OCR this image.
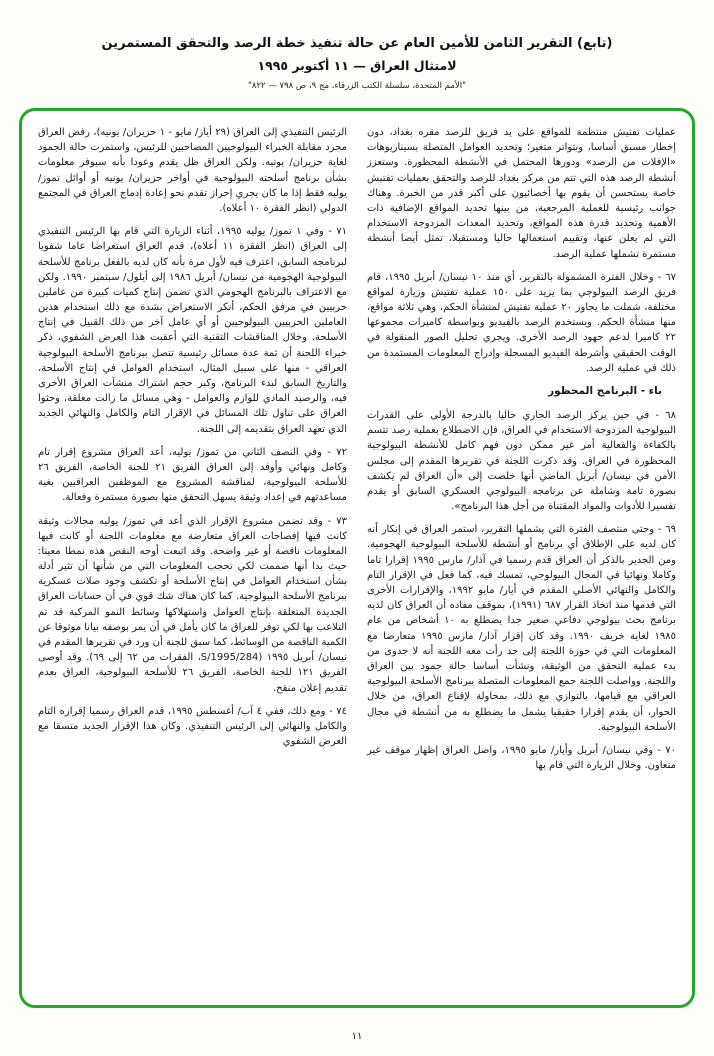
(تابع) التقرير الثامن للأمين العام عن حالة تنفيذ خطة الرصد والتحقق المستمرين
لامتثال العراق — ١١ أكتوبر ١٩٩٥
"الأمم المتحدة، سلسلة الكتب الزرقاء، مج ٩، ص ٧٩٨ — ٨٢٢"

عمليات تفتيش منتظمة للمواقع على يد فريق للرصد مقره بغداد، دون إخطار مسبق أساسا، وبتواتر متغير؛ وتحديد العوامل المتصلة بسيناريوهات «الإفلات من الرصد» ودورها المحتمل في الأنشطة المحظورة. وستعزز أنشطة الرصد هذه التي تتم من مركز بغداد للرصد والتحقق بعمليات تفتيش خاصة يستحسن أن يقوم بها أخصائيون على أكبر قدر من الخبرة. وهناك جوانب رئيسية للعملية المرجعية، من بينها تحديد المواقع الإضافية ذات الأهمية وتحديد قدرة هذه المواقع، وتحديد المعدات المزدوجة الاستخدام التي لم يعلن عنها، وتقييم استعمالها حاليا ومستقبلا، تمثل أيضا أنشطة مستمرة تشملها عملية الرصد.

٦٧ - وخلال الفترة المشمولة بالتقرير، أي منذ ١٠ نيسان/ أبريل ١٩٩٥، قام فريق الرصد البيولوجي بما يزيد على ١٥٠ عملية تفتيش وزيارة لمواقع مختلفة، شملت ما يجاوز ٢٠ عملية تفتيش لمنشأة الحكم، وهي ثلاثة مواقع، منها منشأة الحكم. ويستخدم الرصد بالفيديو وبواسطة كاميرات مجموعها ٢٢ كاميرا لدعم جهود الرصد الأخرى. ويجري تحليل الصور المنقولة في الوقت الحقيقي وأشرطة الفيديو المسجلة وإدراج المعلومات المستمدة من ذلك في عملية الرصد.

باء - البرنامج المحظور

٦٨ - في حين يركز الرصد الجاري حاليا بالدرجة الأولى على القدرات البيولوجية المزدوجة الاستخدام في العراق، فإن الاضطلاع بعملية رصد تتسم بالكفاءة والفعالية أمر غير ممكن دون فهم كامل للأنشطة البيولوجية المحظورة في العراق. وقد ذكرت اللجنة في تقريرها المقدم إلى مجلس الأمن في نيسان/ أبريل الماضي أنها خلصت إلى «أن العراق لم يكشف بصورة تامة وشاملة عن برنامجه البيولوجي العسكري السابق أو يقدم تفسيرا للأدوات والمواد المقتناة من أجل هذا البرنامج».

٦٩ - وحتى منتصف الفترة التي يشملها التقرير، استمر العراق في إنكار أنه كان لديه على الإطلاق أي برنامج أو أنشطة للأسلحة البيولوجية الهجومية. ومن الجدير بالذكر أن العراق قدم رسميا في آذار/ مارس ١٩٩٥ إقرارا تاما وكاملا ونهائيا في المجال البيولوجي، تمسك فيه، كما فعل في الإقرار التام والكامل والنهائي الأصلي المقدم في أيار/ مايو ١٩٩٢، والإقرارات الأخرى التي قدمها منذ اتخاذ القرار ٦٨٧ (١٩٩١)، بموقف مفاده أن العراق كان لديه برنامج بحث بيولوجي دفاعي صغير جدا يضطلع به ١٠ أشخاص من عام ١٩٨٥ لغاية خريف ١٩٩٠. وقد كان إقرار آذار/ مارس ١٩٩٥ متعارضا مع المعلومات التي في حوزة اللجنة إلى حد رأت معه اللجنة أنه لا جدوى من بدء عملية التحقق من الوثيقة، ونشأت أساسا حالة جمود بين العراق واللجنة. وواصلت اللجنة جمع المعلومات المتصلة ببرنامج الأسلحة البيولوجية العراقي مع قيامها، بالتوازي مع ذلك، بمحاولة لإقناع العراق، من خلال الحوار، أن يقدم إقرارا حقيقيا يشمل ما يضطلع به من أنشطة في مجال الأسلحة البيولوجية.

٧٠ - وفي نيسان/ أبريل وأيار/ مايو ١٩٩٥، واصل العراق إظهار موقف غير متعاون. وخلال الزيارة التي قام بها

الرئيس التنفيذي إلى العراق (٢٩ أيار/ مايو - ١ حزيران/ يونيه)، رفض العراق مجرد مقابلة الخبراء البيولوجيين المصاحبين للرئيس، واستمرت حالة الجمود لغاية حزيران/ يونيه. ولكن العراق ظل يقدم وعودا بأنه سيوفر معلومات بشأن برنامج أسلحته البيولوجية في أواخر حزيران/ يونيه أو أوائل تموز/ يوليه فقط إذا ما كان يجري إحراز تقدم نحو إعادة إدماج العراق في المجتمع الدولي (انظر الفقرة ١٠ أعلاه).

٧١ - وفي ١ تموز/ يوليه ١٩٩٥، أثناء الزيارة التي قام بها الرئيس التنفيذي إلى العراق (انظر الفقرة ١١ أعلاه)، قدم العراق استعراضا عاما شفويا لبرنامجه السابق، اعترف فيه لأول مرة بأنه كان لديه بالفعل برنامج للأسلحة البيولوجية الهجومية من نيسان/ أبريل ١٩٨٦ إلى أيلول/ سبتمبر ١٩٩٠. ولكن مع الاعتراف بالبرنامج الهجومي الذي تضمن إنتاج كميات كبيرة من عاملين حربيين في مرفق الحكم، أنكر الاستعراض بشدة مع ذلك استخدام هذين العاملين الحربيين البيولوجيين أو أي عامل آخر من ذلك القبيل في إنتاج الأسلحة. وخلال المناقشات التقنية التي أعقبت هذا العرض الشفوي، ذكر خبراء اللجنة أن ثمة عدة مسائل رئيسية تتصل ببرنامج الأسلحة البيولوجية العراقي - منها على سبيل المثال، استخدام العوامل في إنتاج الأسلحة، والتاريخ السابق لبدء البرنامج، وكبر حجم اشتراك منشآت العراق الأخرى فيه، والرصيد المادي للوازم والعوامل - وهي مسائل ما زالت معلقة، وحثوا العراق على تناول تلك المسائل في الإقرار التام والكامل والنهائي الجديد الذي تعهد العراق بتقديمه إلى اللجنة.

٧٢ - وفي النصف الثاني من تموز/ يوليه، أعد العراق مشروع إقرار تام وكامل ونهائي وأوفد إلى العراق الفريق ٢١ للجنة الخاصة، الفريق ٢٦ للأسلحة البيولوجية، لمناقشة المشروع مع الموظفين العراقيين بغية مساعدتهم في إعداد وثيقة يسهل التحقق منها بصورة مستمرة وفعالة.

٧٣ - وقد تضمن مشروع الإقرار الذي أعد في تموز/ يوليه مجالات وثيقة كانت فيها إفصاحات العراق متعارضة مع معلومات اللجنة أو كانت فيها المعلومات ناقصة أو غير واضحة. وقد اتبعت أوجه النقص هذه نمطا معينا: حيث بدا أنها صممت لكي تحجب المعلومات التي من شأنها أن تثير أدلة بشأن استخدام العوامل في إنتاج الأسلحة أو تكشف وجود صلات عسكرية ببرنامج الأسلحة البيولوجية. كما كان هناك شك قوي في أن حسابات العراق الجديدة المتعلقة بإنتاج العوامل واستهلاكها وسائط النمو المركبة قد تم التلاعب بها لكي توفر للعراق ما كان يأمل في أن يمر بوصفه بيانا موثوقا عن الكمية الناقصة من الوسائط، كما سبق للجنة أن ورد في تقريرها المقدم في نيسان/ أبريل ١٩٩٥ (S/1995/284، الفقرات من ٦٢ إلى ٦٩). وقد أوصى الفريق ١٢١ للجنة الخاصة، الفريق ٢٦ للأسلحة البيولوجية، العراق بعدم تقديم إعلان منقح.

٧٤ - ومع ذلك، ففي ٤ آب/ أغسطس ١٩٩٥، قدم العراق رسميا إقراره التام والكامل والنهائي إلى الرئيس التنفيذي. وكان هذا الإقرار الجديد متسقا مع العرض الشفوي

١١
